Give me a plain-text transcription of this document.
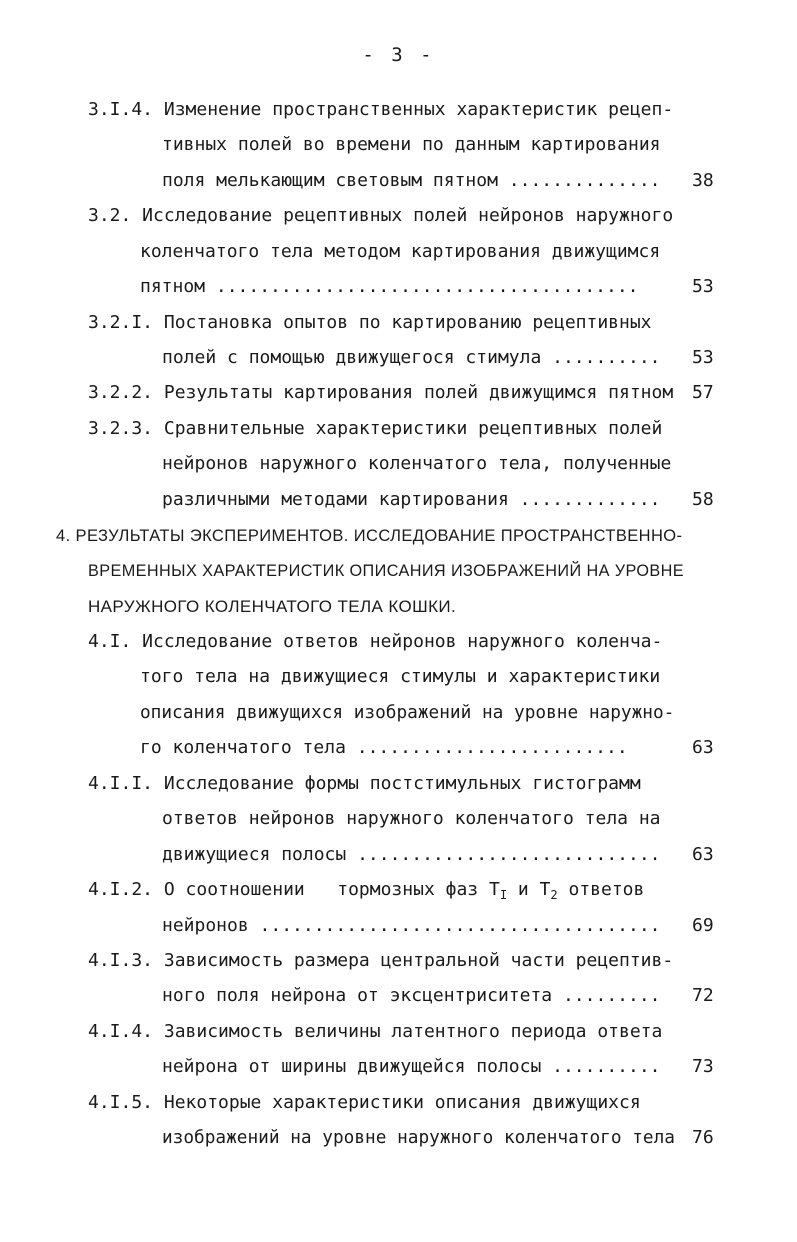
- 3 -
3.I.4. Изменение пространственных характеристик рецеп-
тивных полей во времени по данным картирования
поля мелькающим световым пятном .............. 38
3.2. Исследование рецептивных полей нейронов наружного
коленчатого тела методом картирования движущимся
пятном .......................................	53
3.2.I. Постановка опытов по картированию рецептивных
полей с помощью движущегося стимула .......... 53
3.2.2. Результаты картирования полей движущимся пятном 57
3.2.3. Сравнительные характеристики рецептивных полей
нейронов наружного коленчатого тела, полученные
различными методами картирования ............. 58
4. РЕЗУЛЬТАТЫ ЭКСПЕРИМЕНТОВ. ИССЛЕДОВАНИЕ ПРОСТРАНСТВЕННО-
ВРЕМЕННЫХ ХАРАКТЕРИСТИК ОПИСАНИЯ ИЗОБРАЖЕНИЙ НА УРОВНЕ
НАРУЖНОГО КОЛЕНЧАТОГО ТЕЛА КОШКИ.
4.I. Исследование ответов нейронов наружного коленча-
того тела на движущиеся стимулы и характеристики
описания движущихся изображений на уровне наружно-
го коленчатого тела .........................	63
4.I.I. Исследование формы постстимульных гистограмм
ответов нейронов наружного коленчатого тела на
движущиеся полосы ............................ 63
4.I.2. О соотношении   тормозных фаз $T_I$ и $T_2$ ответов
нейронов ..................................... 69
4.I.3. Зависимость размера центральной части рецептив-
ного поля нейрона от эксцентриситета ......... 72
4.I.4. Зависимость величины латентного периода ответа
нейрона от ширины движущейся полосы .......... 73
4.I.5. Некоторые характеристики описания движущихся
изображений на уровне наружного коленчатого тела 76
